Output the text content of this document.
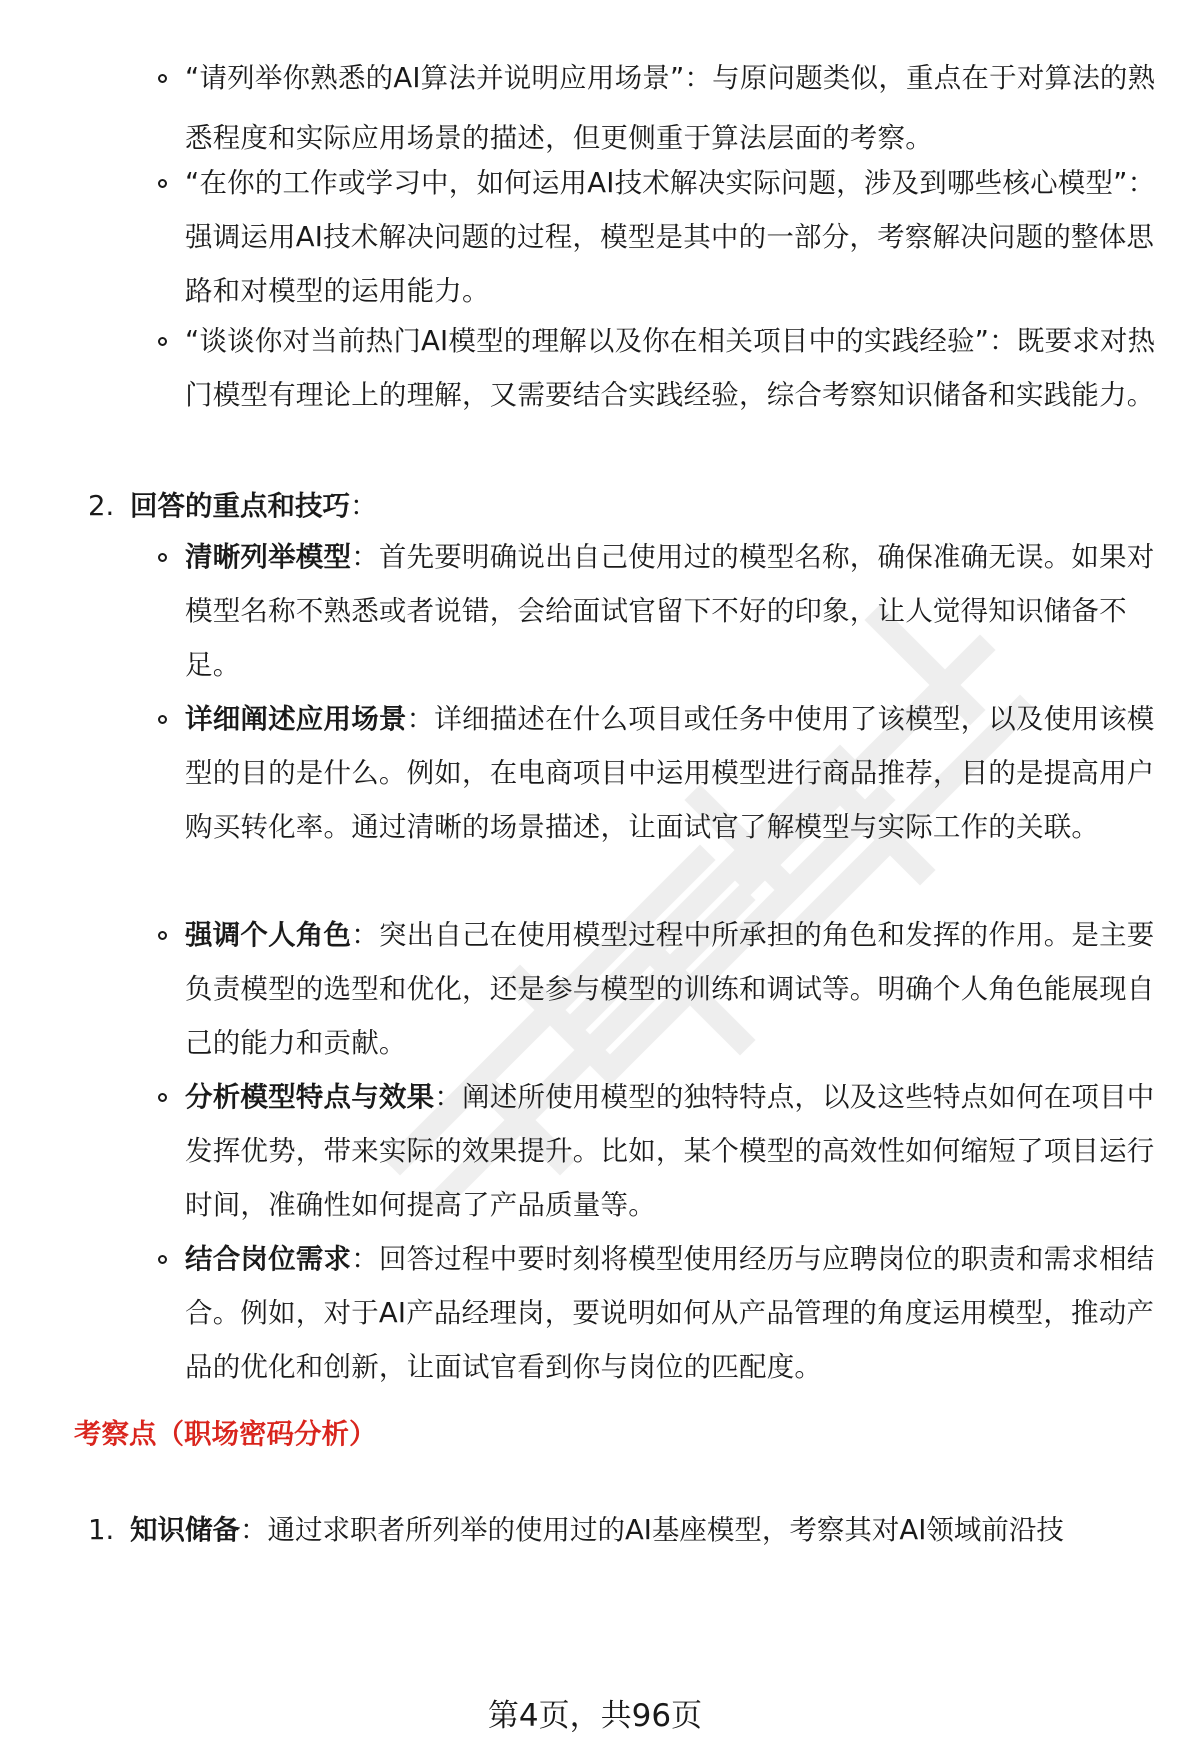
“请列举你熟悉的AI算法并说明应用场景”：与原问题类似，重点在于对算法的熟悉程度和实际应用场景的描述，但更侧重于算法层面的考察。
“在你的工作或学习中，如何运用AI技术解决实际问题，涉及到哪些核心模型”：强调运用AI技术解决问题的过程，模型是其中的一部分，考察解决问题的整体思路和对模型的运用能力。
“谈谈你对当前热门AI模型的理解以及你在相关项目中的实践经验”：既要求对热门模型有理论上的理解，又需要结合实践经验，综合考察知识储备和实践能力。
2. 回答的重点和技巧：
清晰列举模型：首先要明确说出自己使用过的模型名称，确保准确无误。如果对模型名称不熟悉或者说错，会给面试官留下不好的印象，让人觉得知识储备不足。
详细阐述应用场景：详细描述在什么项目或任务中使用了该模型，以及使用该模型的目的是什么。例如，在电商项目中运用模型进行商品推荐，目的是提高用户购买转化率。通过清晰的场景描述，让面试官了解模型与实际工作的关联。
强调个人角色：突出自己在使用模型过程中所承担的角色和发挥的作用。是主要负责模型的选型和优化，还是参与模型的训练和调试等。明确个人角色能展现自己的能力和贡献。
分析模型特点与效果：阐述所使用模型的独特特点，以及这些特点如何在项目中发挥优势，带来实际的效果提升。比如，某个模型的高效性如何缩短了项目运行时间，准确性如何提高了产品质量等。
结合岗位需求：回答过程中要时刻将模型使用经历与应聘岗位的职责和需求相结合。例如，对于AI产品经理岗，要说明如何从产品管理的角度运用模型，推动产品的优化和创新，让面试官看到你与岗位的匹配度。
考察点（职场密码分析）
1. 知识储备：通过求职者所列举的使用过的AI基座模型，考察其对AI领域前沿技
第4页，共96页
